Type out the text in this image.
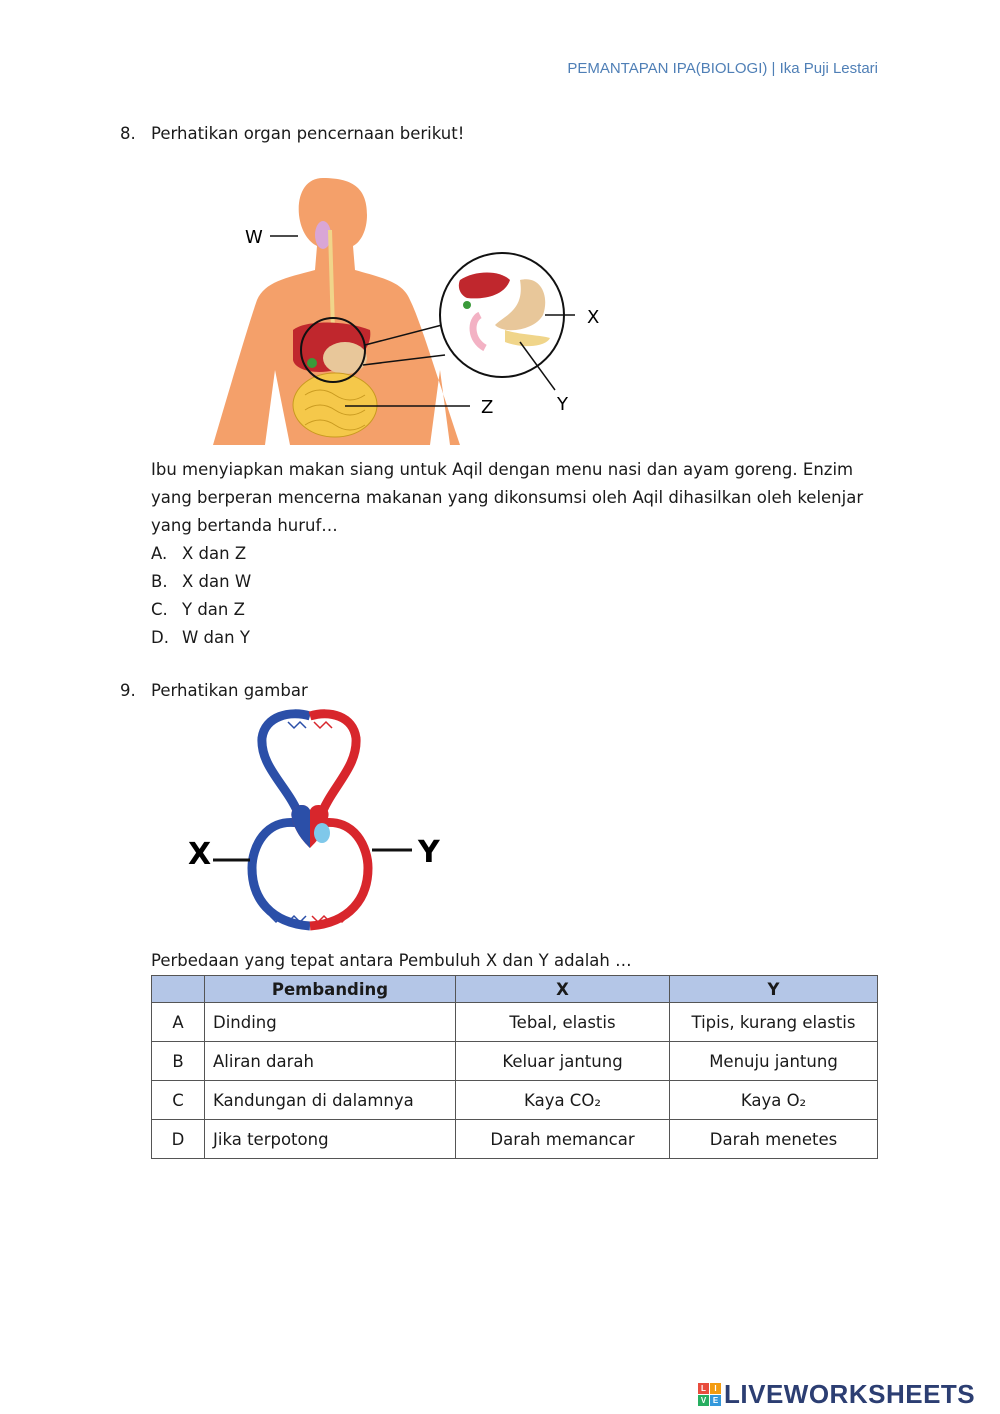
PEMANTAPAN IPA(BIOLOGI) | Ika Puji Lestari
8. Perhatikan organ pencernaan berikut!
W
X
Y
Z
Ibu menyiapkan makan siang untuk Aqil dengan menu nasi dan ayam goreng. Enzim yang berperan mencerna makanan yang dikonsumsi oleh Aqil dihasilkan oleh kelenjar yang bertanda huruf…
A. X dan Z
B. X dan W
C. Y dan Z
D. W dan Y
9. Perhatikan gambar
X	Y
Perbedaan yang tepat antara Pembuluh X dan Y adalah …
	Pembanding	X	Y
A	Dinding	Tebal, elastis	Tipis, kurang elastis
B	Aliran darah	Keluar jantung	Menuju jantung
C	Kandungan di dalamnya	Kaya CO₂	Kaya O₂
D	Jika terpotong	Darah memancar	Darah menetes
L	I
V E LIVEWORKSHEETS
